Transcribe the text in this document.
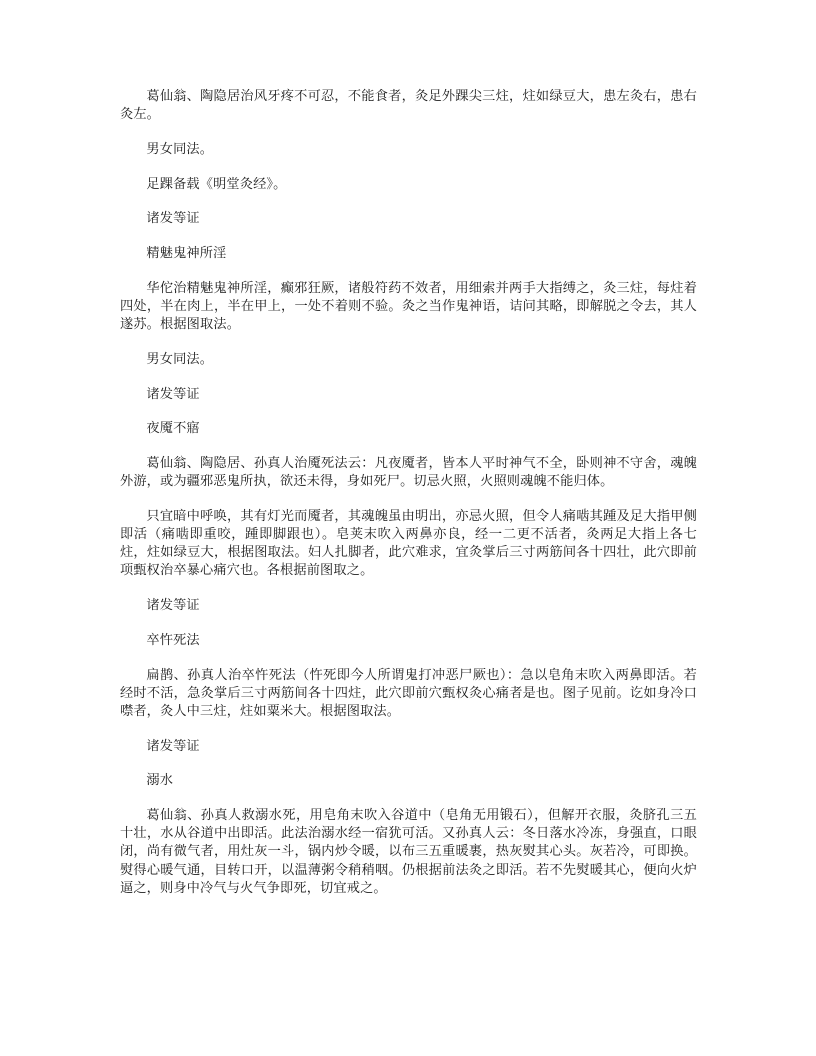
葛仙翁、陶隐居治风牙疼不可忍，不能食者，灸足外踝尖三炷，炷如绿豆大，患左灸右，患右灸左。

男女同法。

足踝备载《明堂灸经》。

诸发等证

精魅鬼神所淫

华佗治精魅鬼神所淫，癫邪狂厥，诸般符药不效者，用细索并两手大指缚之，灸三炷，每炷着四处，半在肉上，半在甲上，一处不着则不验。灸之当作鬼神语，诘问其略，即解脱之令去，其人遂苏。根据图取法。

男女同法。

诸发等证

夜魇不寤

葛仙翁、陶隐居、孙真人治魇死法云：凡夜魇者，皆本人平时神气不全，卧则神不守舍，魂魄外游，或为疆邪恶鬼所执，欲还未得，身如死尸。切忌火照，火照则魂魄不能归体。

只宜暗中呼唤，其有灯光而魇者，其魂魄虽由明出，亦忌火照，但令人痛啮其踵及足大指甲侧即活（痛啮即重咬，踵即脚跟也）。皂荚末吹入两鼻亦良，经一二更不活者，灸两足大指上各七炷，炷如绿豆大，根据图取法。妇人扎脚者，此穴难求，宜灸掌后三寸两筋间各十四壮，此穴即前项甄权治卒暴心痛穴也。各根据前图取之。

诸发等证

卒忤死法

扁鹊、孙真人治卒忤死法（忤死即今人所谓鬼打冲恶尸厥也）：急以皂角末吹入两鼻即活。若经时不活，急灸掌后三寸两筋间各十四炷，此穴即前穴甄权灸心痛者是也。图子见前。讫如身冷口噤者，灸人中三炷，炷如粟米大。根据图取法。

诸发等证

溺水

葛仙翁、孙真人救溺水死，用皂角末吹入谷道中（皂角无用锻石），但解开衣服，灸脐孔三五十壮，水从谷道中出即活。此法治溺水经一宿犹可活。又孙真人云：冬日落水冷冻，身强直，口眼闭，尚有微气者，用灶灰一斗，锅内炒令暖，以布三五重暖裹，热灰熨其心头。灰若冷，可即换。熨得心暖气通，目转口开，以温薄粥令稍稍咽。仍根据前法灸之即活。若不先熨暖其心，便向火炉逼之，则身中冷气与火气争即死，切宜戒之。
